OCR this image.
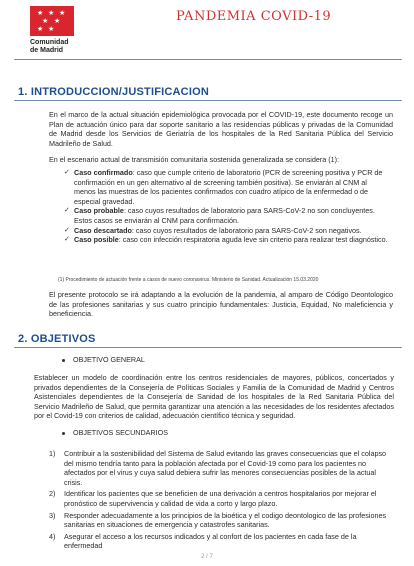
★ ★ ★
★ ★
★ ★
Comunidad
de Madrid
PANDEMIA COVID-19
1. INTRODUCCION/JUSTIFICACION
En el marco de la actual situación epidemiológica provocada por el COVID-19, este documento recoge un Plan de actuación único para dar soporte sanitario a las residencias públicas y privadas de la Comunidad de Madrid desde los Servicios de Geriatría de los hospitales de la Red Sanitaria Pública del Servicio Madrileño de Salud.
En el escenario actual de transmisión comunitaria sostenida generalizada se considera (1):
✓ Caso confirmado: caso que cumple criterio de laboratorio (PCR de screening positiva y PCR de confirmación en un gen alternativo al de screening también positiva). Se enviarán al CNM al menos las muestras de los pacientes confirmados con cuadro atípico de la enfermedad o de especial gravedad.
✓ Caso probable: caso cuyos resultados de laboratorio para SARS-CoV-2 no son concluyentes. Estos casos se enviarán al CNM para confirmación.
✓ Caso descartado: caso cuyos resultados de laboratorio para SARS-CoV-2 son negativos.
✓ Caso posible: caso con infección respiratoria aguda leve sin criterio para realizar test diagnóstico.
(1) Procedimiento de actuación frente a casos de nuevo coronavirus. Ministerio de Sanidad. Actualización 15.03.2020
El presente protocolo se irá adaptando a la evolución de la pandemia, al amparo de Código Deontologico de las profesiones sanitarias y sus cuatro principio fundamentales: Justicia, Equidad, No maleficiencia y beneficiencia.
2. OBJETIVOS
OBJETIVO GENERAL
Establecer un modelo de coordinación entre los centros residenciales de mayores, públicos, concertados y privados dependientes de la Consejería de Políticas Sociales y Familia de la Comunidad de Madrid y Centros Asistenciales dependientes de la Consejería de Sanidad de los hospitales de la Red Sanitaria Pública del Servicio Madrileño de Salud, que permita garantizar una atención a las necesidades de los residentes afectados por el Covid-19 con criterios de calidad, adecuación científico técnica y seguridad.
OBJETIVOS SECUNDARIOS
1) Contribuir a la sostenibilidad del Sistema de Salud evitando las graves consecuencias que el colapso del mismo tendría tanto para la población afectada por el Covid-19 como para los pacientes no afectados por el virus y cuya salud debiera sufrir las menores consecuencias posibles de la actual crisis.
2) Identificar los pacientes que se beneficien de una derivación a centros hospitalarios por mejorar el pronóstico de supervivencia y calidad de vida a corto y largo plazo.
3) Responder adecuadamente a los principios de la bioética y el codigo deontologico de las profesiones sanitarias en situaciones de emergencia y catastrofes sanitarias.
4) Asegurar el acceso a los recursos indicados y al confort de los pacientes en cada fase de la enfermedad
2 / 7
